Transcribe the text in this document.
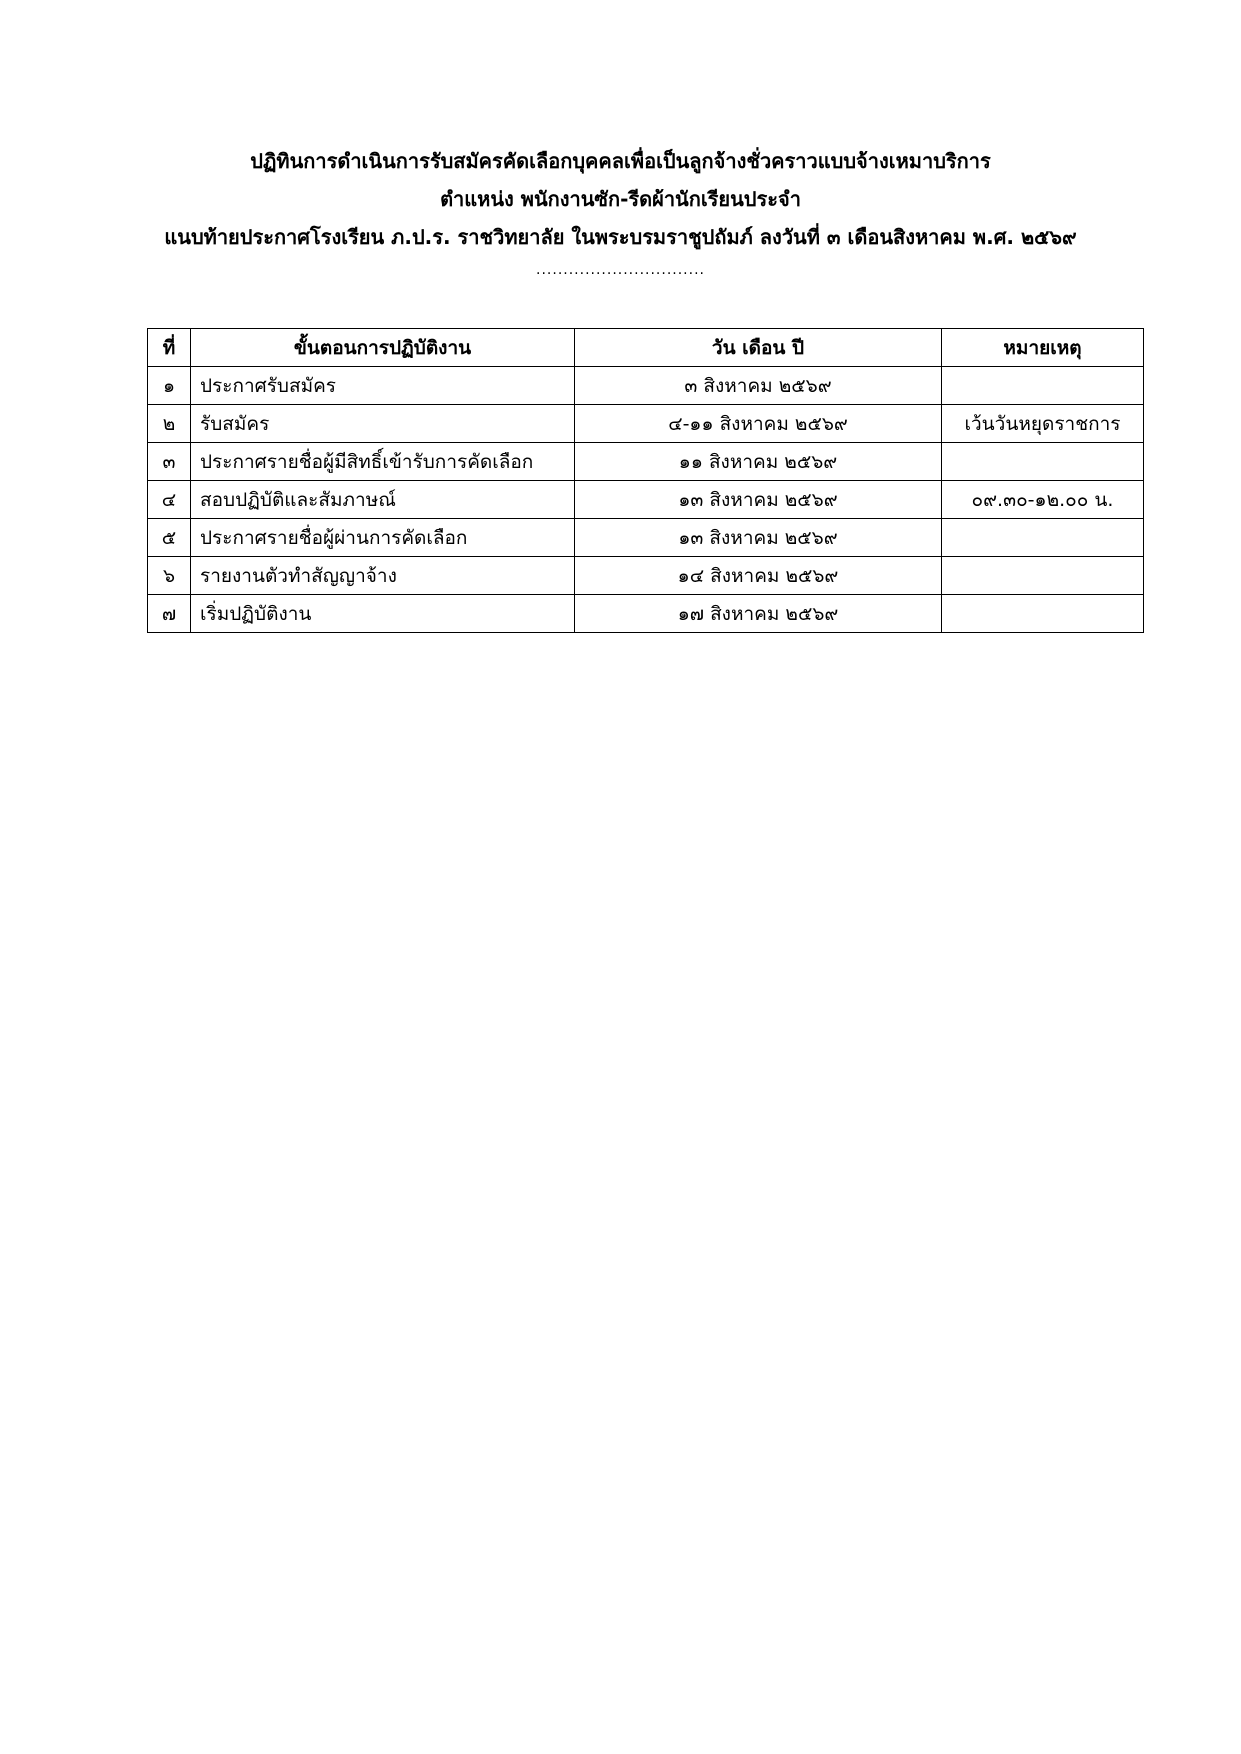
ปฏิทินการดำเนินการรับสมัครคัดเลือกบุคคลเพื่อเป็นลูกจ้างชั่วคราวแบบจ้างเหมาบริการ
ตำแหน่ง พนักงานซัก-รีดผ้านักเรียนประจำ
แนบท้ายประกาศโรงเรียน ภ.ป.ร. ราชวิทยาลัย ในพระบรมราชูปถัมภ์ ลงวันที่ ๓ เดือนสิงหาคม พ.ศ. ๒๕๖๙
...............................
ที่	ขั้นตอนการปฏิบัติงาน	วัน เดือน ปี	หมายเหตุ
๑	ประกาศรับสมัคร	๓ สิงหาคม ๒๕๖๙	
๒	รับสมัคร	๔-๑๑ สิงหาคม ๒๕๖๙	เว้นวันหยุดราชการ
๓	ประกาศรายชื่อผู้มีสิทธิ์เข้ารับการคัดเลือก	๑๑ สิงหาคม ๒๕๖๙	
๔	สอบปฏิบัติและสัมภาษณ์	๑๓ สิงหาคม ๒๕๖๙	๐๙.๓๐-๑๒.๐๐ น.
๕	ประกาศรายชื่อผู้ผ่านการคัดเลือก	๑๓ สิงหาคม ๒๕๖๙	
๖	รายงานตัวทำสัญญาจ้าง	๑๔ สิงหาคม ๒๕๖๙	
๗	เริ่มปฏิบัติงาน	๑๗ สิงหาคม ๒๕๖๙	
